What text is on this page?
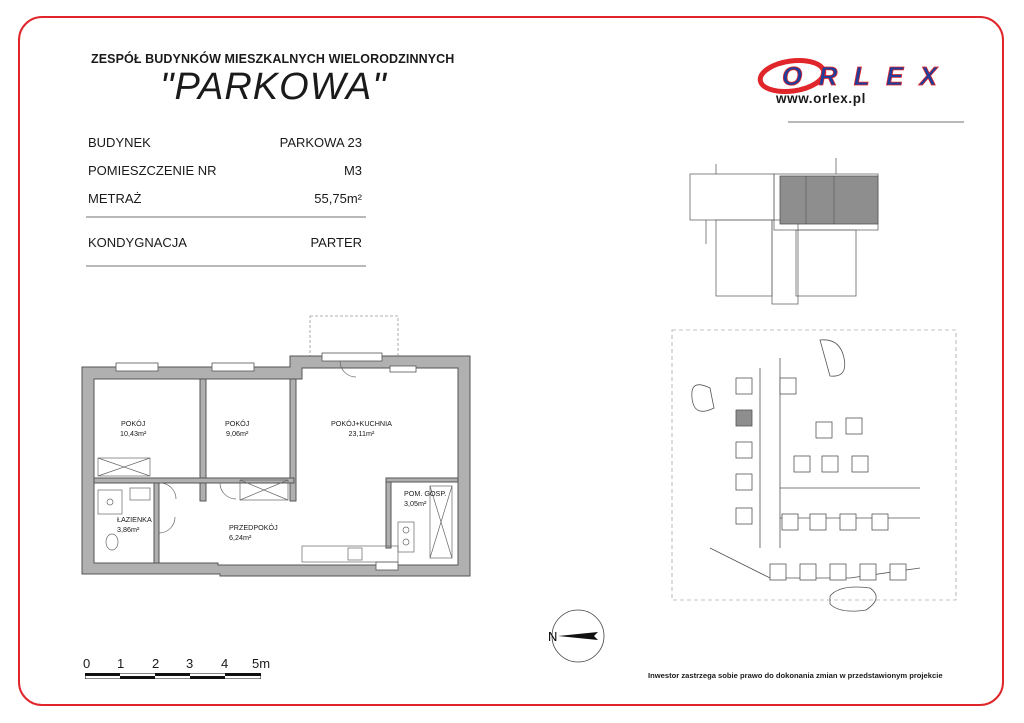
ZESPÓŁ BUDYNKÓW MIESZKALNYCH WIELORODZINNYCH
"PARKOWA"	ORLEX
www.orlex.pl
BUDYNEK	PARKOWA 23
POMIESZCZENIE NR	M3
METRAŻ	55,75m²
KONDYGNACJA	PARTER
POKÓJ
10,43m²
POKÓJ
9,06m²
POKÓJ+KUCHNIA
23,11m²
POM. GOSP.
3,05m²
ŁAZIENKA
3,86m²	PRZEDPOKÓJ
6,24m²
0 1 2 3 4 5m
N
Inwestor zastrzega sobie prawo do dokonania zmian w przedstawionym projekcie
